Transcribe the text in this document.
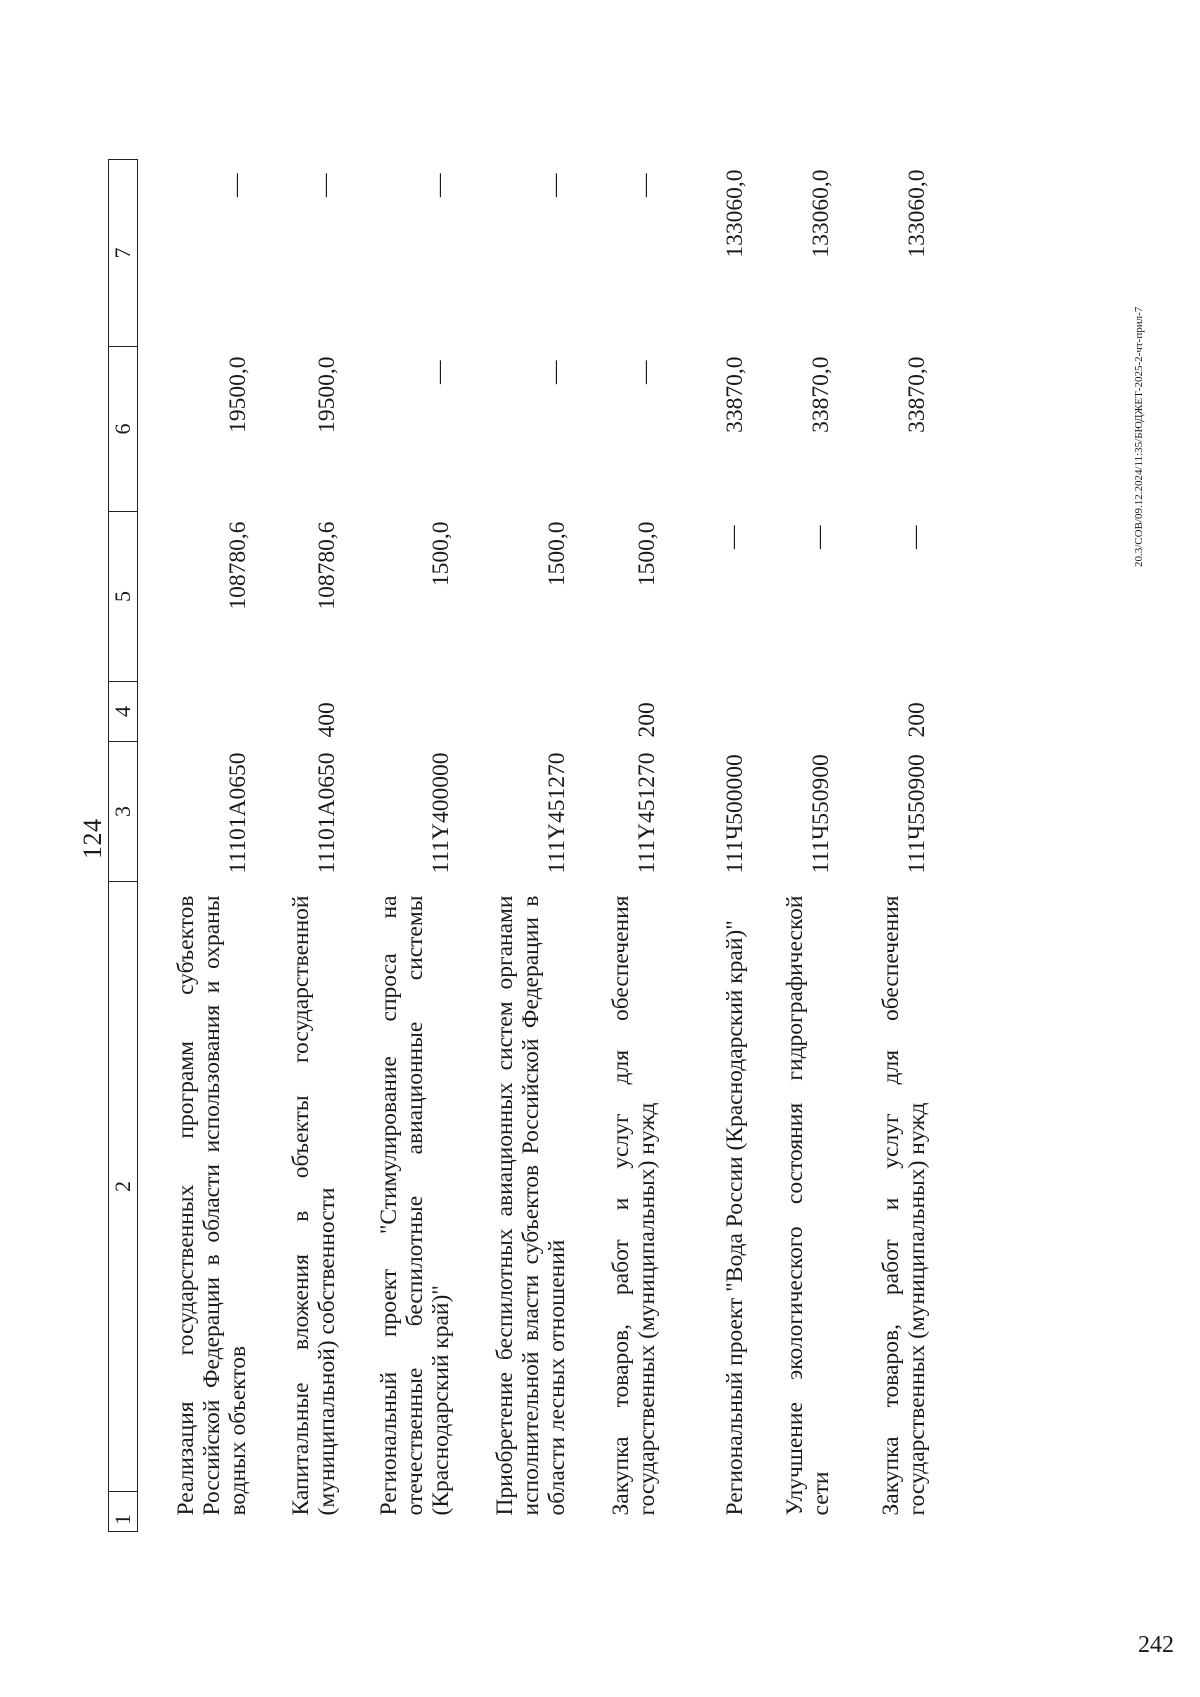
124
1	2	3	4	5	6	7
Реализация государственных программ субъектов Российской Федерации в области использования и охраны водных объектов		11101А0650		108780,6	19500,0	—
Капитальные вложения в объекты государственной (муниципальной) собственности		11101А0650	400	108780,6	19500,0	—
Региональный проект "Стимулирование спроса на отечественные беспилотные авиационные системы (Краснодарский край)"		111Y400000		1500,0	—	—
Приобретение беспилотных авиационных систем органами исполнительной власти субъектов Российской Федерации в области лесных отношений		111Y451270		1500,0	—	—
Закупка товаров, работ и услуг для обеспечения государственных (муниципальных) нужд		111Y451270	200	1500,0	—	—
Региональный проект "Вода России (Краснодарский край)"		111Ч500000		—	33870,0	133060,0
Улучшение экологического состояния гидрографической сети		111Ч550900		—	33870,0	133060,0
Закупка товаров, работ и услуг для обеспечения государственных (муниципальных) нужд		111Ч550900	200	—	33870,0	133060,0
20.3/СОВ/09.12.2024/11:35/БЮДЖЕТ-2025-2-чт-прил-7
242
